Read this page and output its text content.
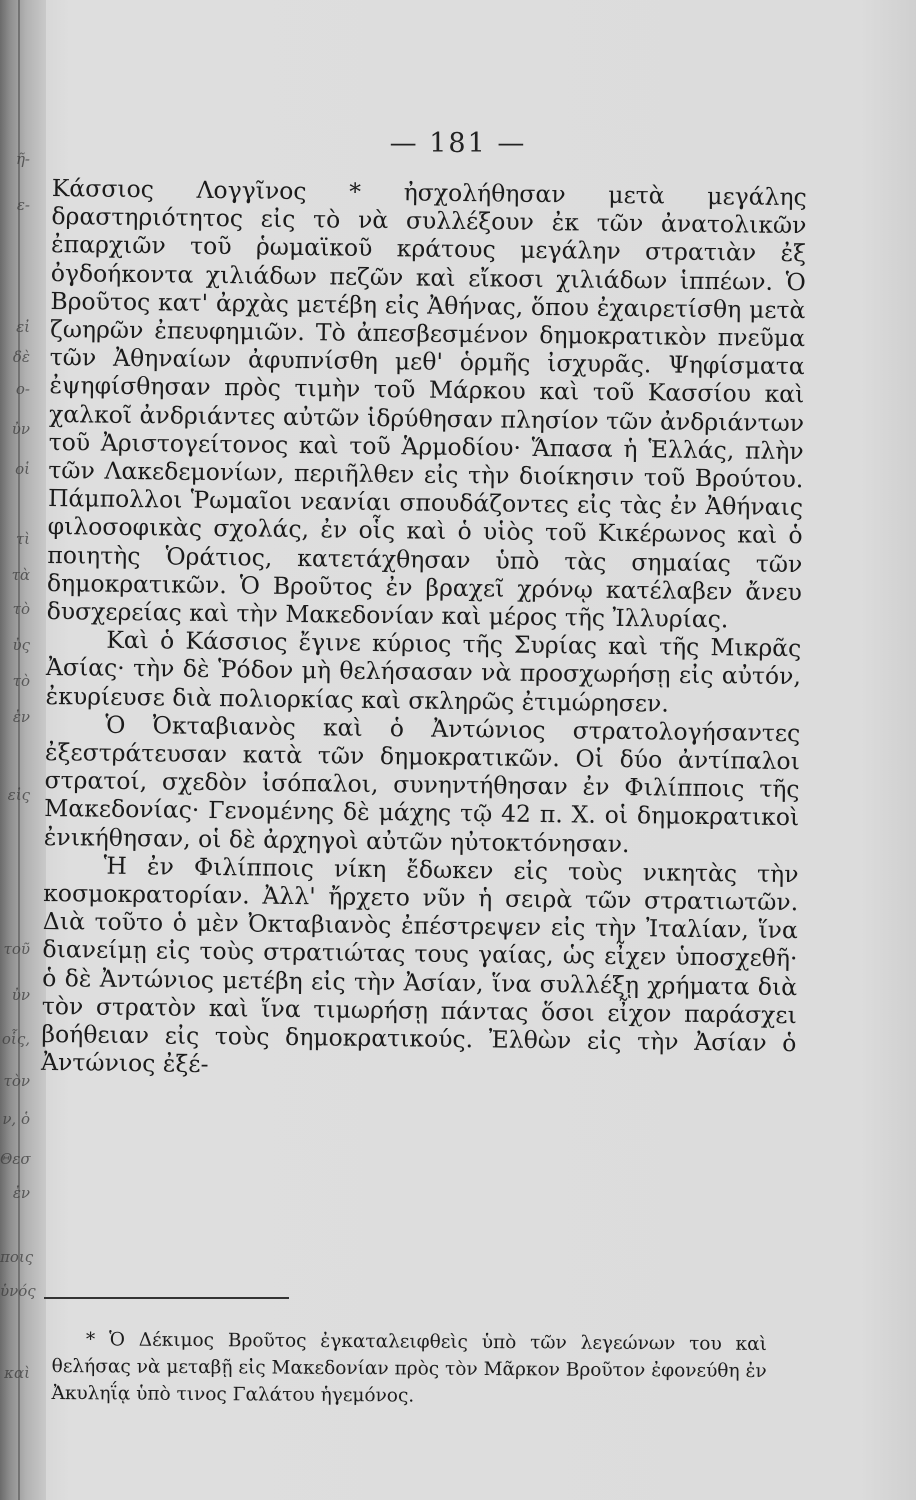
ῆ-
ε-
εἰ
δὲ
ο-
ὐν
οἱ
τὶ
τὰ
τὸ
ὐς
τὸ
ἐν
εἰς
τοῦ
ὐν
οἷς,
τὸν
ν, ὁ
Θεσ
ἐν
ποις
ὑνός
καὶ
— 181 —

Κάσσιος Λογγῖνος * ἠσχολήθησαν μετὰ μεγάλης δραστηριότητος εἰς τὸ νὰ συλλέξουν ἐκ τῶν ἀνατολικῶν ἐπαρχιῶν τοῦ ῥωμαϊκοῦ κράτους μεγάλην στρατιὰν ἐξ ὀγδοήκοντα χιλιάδων πεζῶν καὶ εἴκοσι χιλιάδων ἱππέων. Ὁ Βροῦτος κατ' ἀρχὰς μετέβη εἰς Ἀθήνας, ὅπου ἐχαιρετίσθη μετὰ ζωηρῶν ἐπευφημιῶν. Τὸ ἀπεσβεσμένον δημοκρατικὸν πνεῦμα τῶν Ἀθηναίων ἀφυπνίσθη μεθ' ὁρμῆς ἰσχυρᾶς. Ψηφίσματα ἐψηφίσθησαν πρὸς τιμὴν τοῦ Μάρκου καὶ τοῦ Κασσίου καὶ χαλκοῖ ἀνδριάντες αὐτῶν ἱδρύθησαν πλησίον τῶν ἀνδριάντων τοῦ Ἀριστογείτονος καὶ τοῦ Ἁρμοδίου· Ἅπασα ἡ Ἑλλάς, πλὴν τῶν Λακεδεμονίων, περιῆλθεν εἰς τὴν διοίκησιν τοῦ Βρούτου. Πάμπολλοι Ῥωμαῖοι νεανίαι σπουδάζοντες εἰς τὰς ἐν Ἀθήναις φιλοσοφικὰς σχολάς, ἐν οἷς καὶ ὁ υἱὸς τοῦ Κικέρωνος καὶ ὁ ποιητὴς Ὁράτιος, κατετάχθησαν ὑπὸ τὰς σημαίας τῶν δημοκρατικῶν. Ὁ Βροῦτος ἐν βραχεῖ χρόνῳ κατέλαβεν ἄνευ δυσχερείας καὶ τὴν Μακεδονίαν καὶ μέρος τῆς Ἰλλυρίας.

Καὶ ὁ Κάσσιος ἔγινε κύριος τῆς Συρίας καὶ τῆς Μικρᾶς Ἀσίας· τὴν δὲ Ῥόδον μὴ θελήσασαν νὰ προσχωρήσῃ εἰς αὐτόν, ἐκυρίευσε διὰ πολιορκίας καὶ σκληρῶς ἐτιμώρησεν.

Ὁ Ὀκταβιανὸς καὶ ὁ Ἀντώνιος στρατολογήσαντες ἐξεστράτευσαν κατὰ τῶν δημοκρατικῶν. Οἱ δύο ἀντίπαλοι στρατοί, σχεδὸν ἰσόπαλοι, συνηντήθησαν ἐν Φιλίπποις τῆς Μακεδονίας· Γενομένης δὲ μάχης τῷ 42 π. Χ. οἱ δημοκρατικοὶ ἐνικήθησαν, οἱ δὲ ἀρχηγοὶ αὐτῶν ηὐτοκτόνησαν.

Ἡ ἐν Φιλίπποις νίκη ἔδωκεν εἰς τοὺς νικητὰς τὴν κοσμοκρατορίαν. Ἀλλ' ἤρχετο νῦν ἡ σειρὰ τῶν στρατιωτῶν. Διὰ τοῦτο ὁ μὲν Ὀκταβιανὸς ἐπέστρεψεν εἰς τὴν Ἰταλίαν, ἵνα διανείμῃ εἰς τοὺς στρατιώτας τους γαίας, ὡς εἶχεν ὑποσχεθῆ· ὁ δὲ Ἀντώνιος μετέβη εἰς τὴν Ἀσίαν, ἵνα συλλέξῃ χρήματα διὰ τὸν στρατὸν καὶ ἵνα τιμωρήσῃ πάντας ὅσοι εἶχον παράσχει βοήθειαν εἰς τοὺς δημοκρατικούς. Ἐλθὼν εἰς τὴν Ἀσίαν ὁ Ἀντώνιος ἐξέ-

* Ὁ Δέκιμος Βροῦτος ἐγκαταλειφθεὶς ὑπὸ τῶν λεγεώνων του καὶ θελήσας νὰ μεταβῇ εἰς Μακεδονίαν πρὸς τὸν Μᾶρκον Βροῦτον ἐφονεύθη ἐν Ἀκυληΐᾳ ὑπὸ τινος Γαλάτου ἡγεμόνος.
